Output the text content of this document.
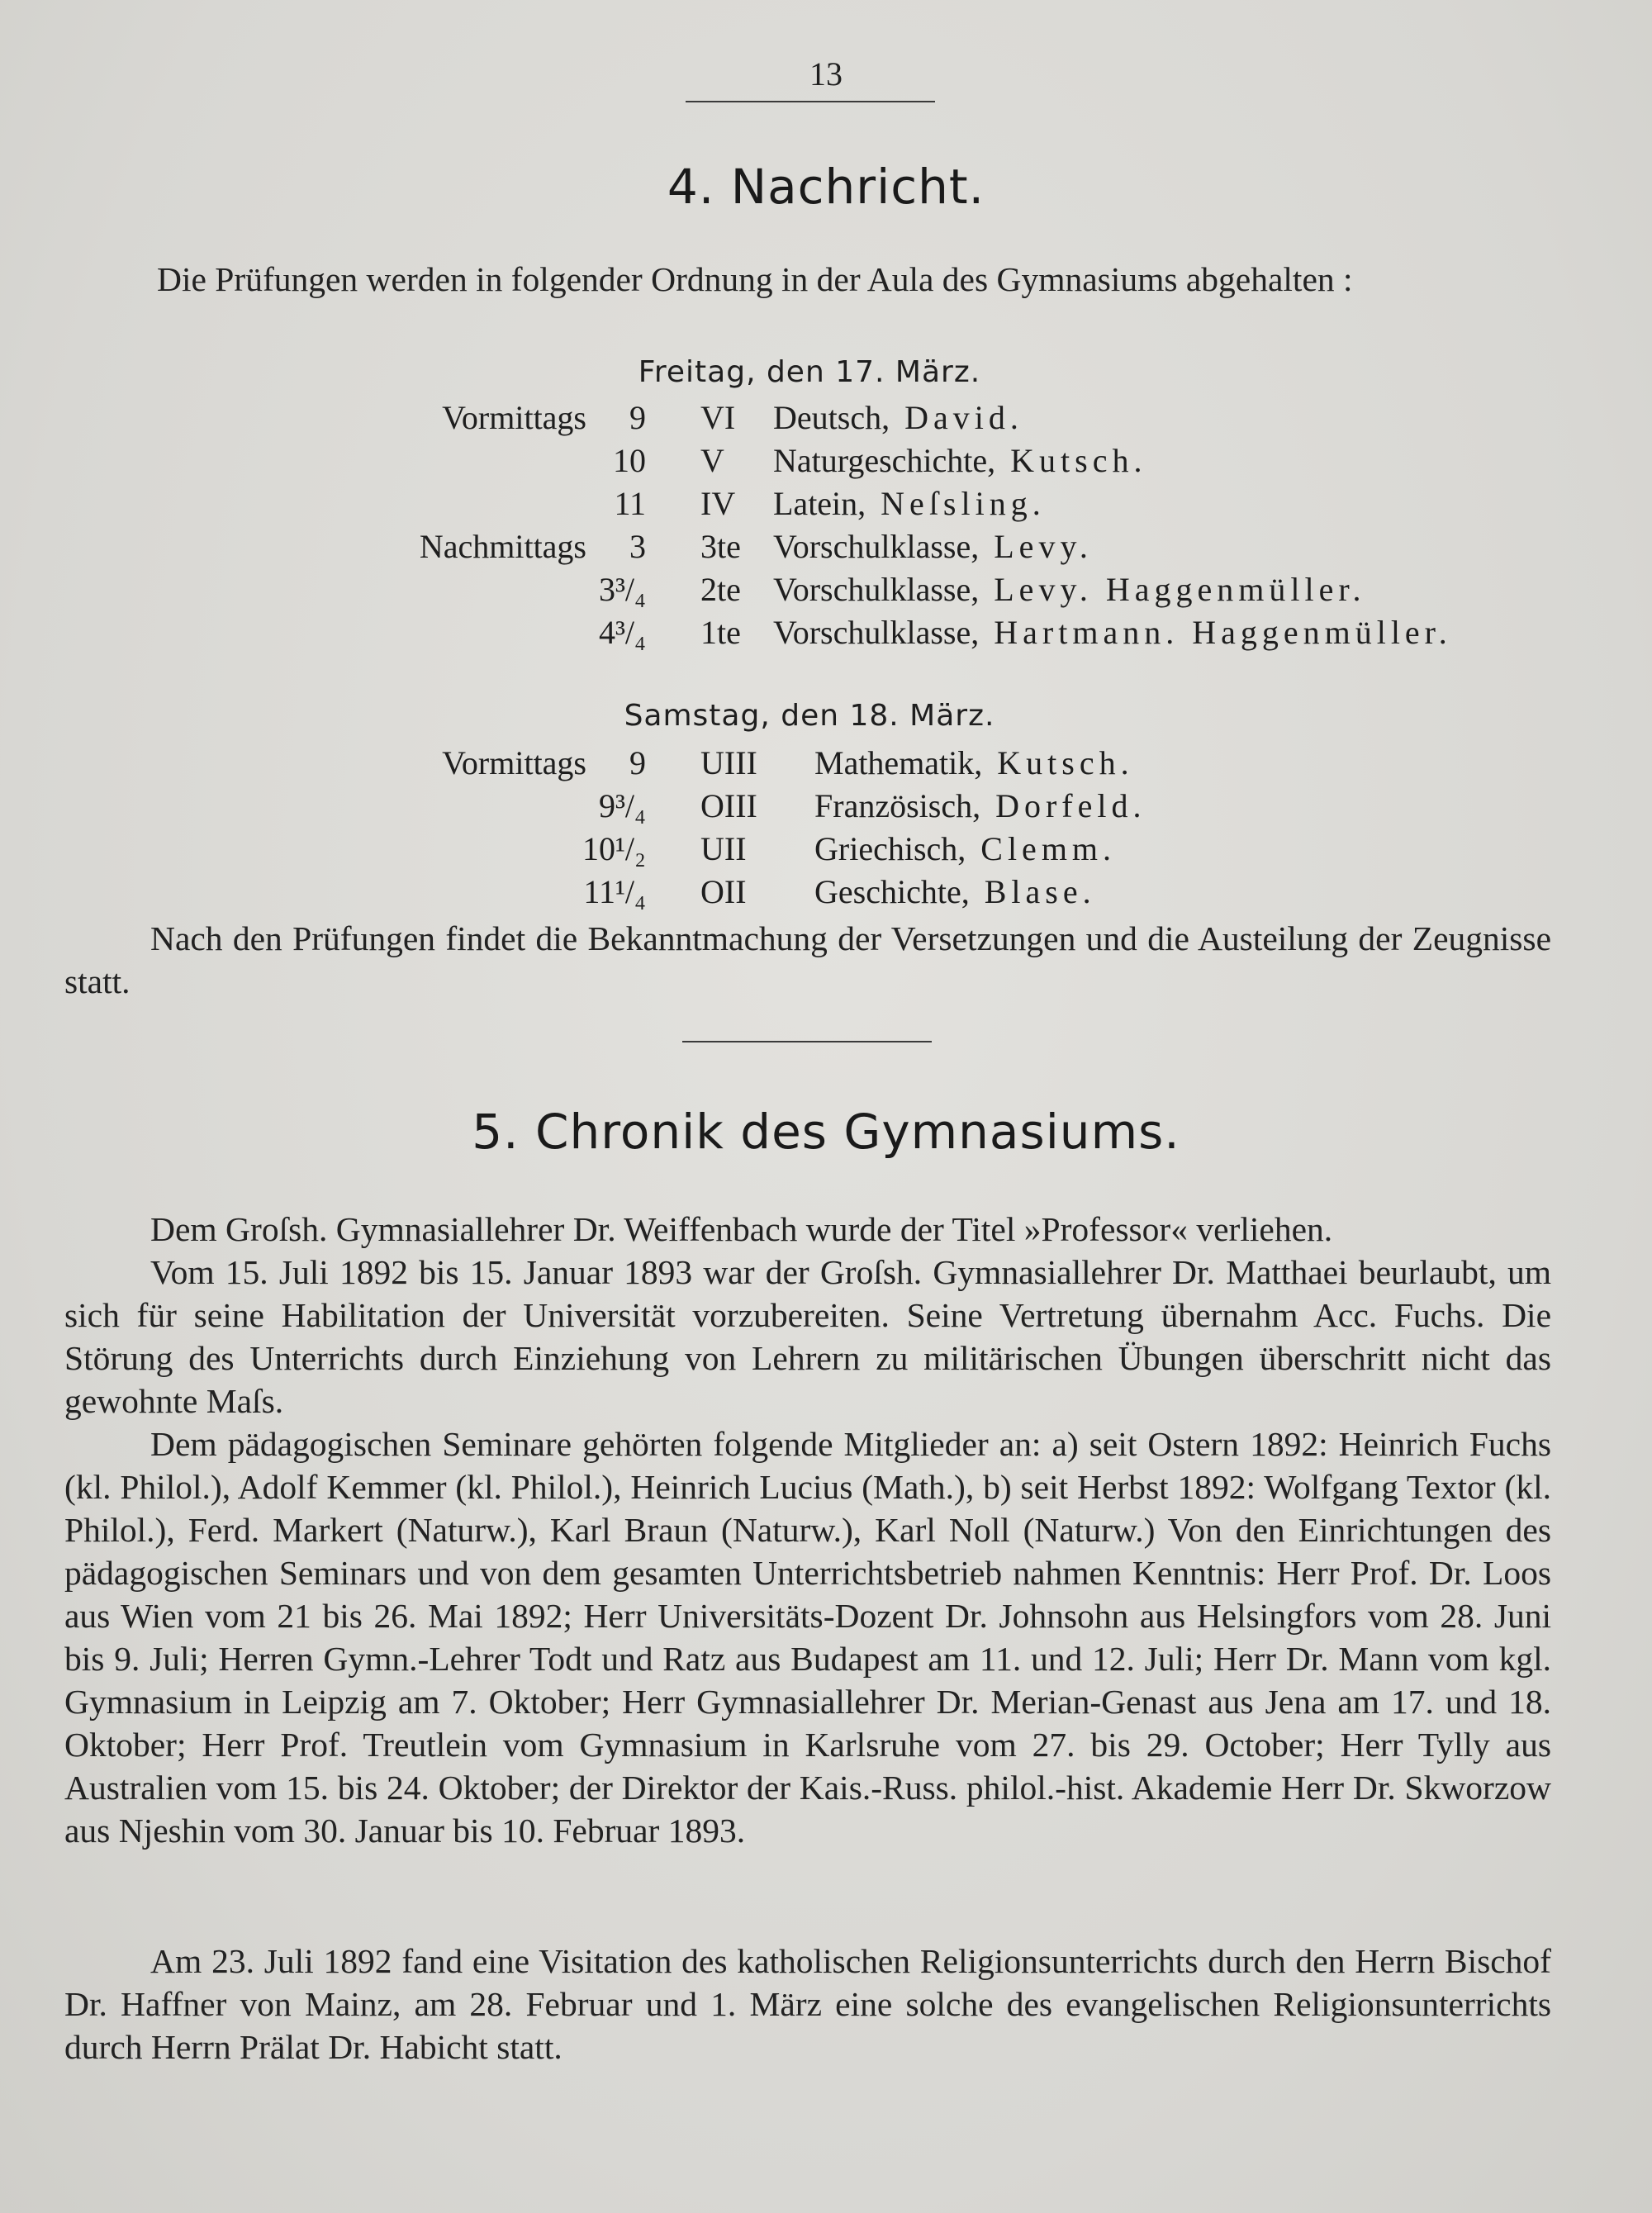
13
4. Nachricht.
Die Prüfungen werden in folgender Ordnung in der Aula des Gymnasiums abgehalten :
Freitag, den 17. März.
Vormittags 9 VI Deutsch, David.
10 V Naturgeschichte, Kutsch.
11 IV Latein, Neſsling.
Nachmittags 3 3te Vorschulklasse, Levy.
3³/₄ 2te Vorschulklasse, Levy. Haggenmüller.
4³/₄ 1te Vorschulklasse, Hartmann. Haggenmüller.
Samstag, den 18. März.
Vormittags 9 UIII Mathematik, Kutsch.
9³/₄ OIII Französisch, Dorfeld.
10¹/₂ UII Griechisch, Clemm.
11¹/₄ OII Geschichte, Blase.
Nach den Prüfungen findet die Bekanntmachung der Versetzungen und die Austeilung der Zeugnisse statt.
5. Chronik des Gymnasiums.
Dem Groſsh. Gymnasiallehrer Dr. Weiffenbach wurde der Titel »Professor« verliehen.
Vom 15. Juli 1892 bis 15. Januar 1893 war der Groſsh. Gymnasiallehrer Dr. Matthaei beurlaubt, um sich für seine Habilitation der Universität vorzubereiten. Seine Vertretung übernahm Acc. Fuchs. Die Störung des Unterrichts durch Einziehung von Lehrern zu militärischen Übungen überschritt nicht das gewohnte Maſs.
Dem pädagogischen Seminare gehörten folgende Mitglieder an: a) seit Ostern 1892: Heinrich Fuchs (kl. Philol.), Adolf Kemmer (kl. Philol.), Heinrich Lucius (Math.), b) seit Herbst 1892: Wolfgang Textor (kl. Philol.), Ferd. Markert (Naturw.), Karl Braun (Naturw.), Karl Noll (Naturw.) Von den Einrichtungen des pädagogischen Seminars und von dem gesamten Unterrichtsbetrieb nahmen Kenntnis: Herr Prof. Dr. Loos aus Wien vom 21 bis 26. Mai 1892; Herr Universitäts-Dozent Dr. Johnsohn aus Helsingfors vom 28. Juni bis 9. Juli; Herren Gymn.-Lehrer Todt und Ratz aus Budapest am 11. und 12. Juli; Herr Dr. Mann vom kgl. Gymnasium in Leipzig am 7. Oktober; Herr Gymnasiallehrer Dr. Merian-Genast aus Jena am 17. und 18. Oktober; Herr Prof. Treutlein vom Gymnasium in Karlsruhe vom 27. bis 29. October; Herr Tylly aus Australien vom 15. bis 24. Oktober; der Direktor der Kais.-Russ. philol.-hist. Akademie Herr Dr. Skworzow aus Njeshin vom 30. Januar bis 10. Februar 1893.
Am 23. Juli 1892 fand eine Visitation des katholischen Religionsunterrichts durch den Herrn Bischof Dr. Haffner von Mainz, am 28. Februar und 1. März eine solche des evangelischen Religionsunterrichts durch Herrn Prälat Dr. Habicht statt.
